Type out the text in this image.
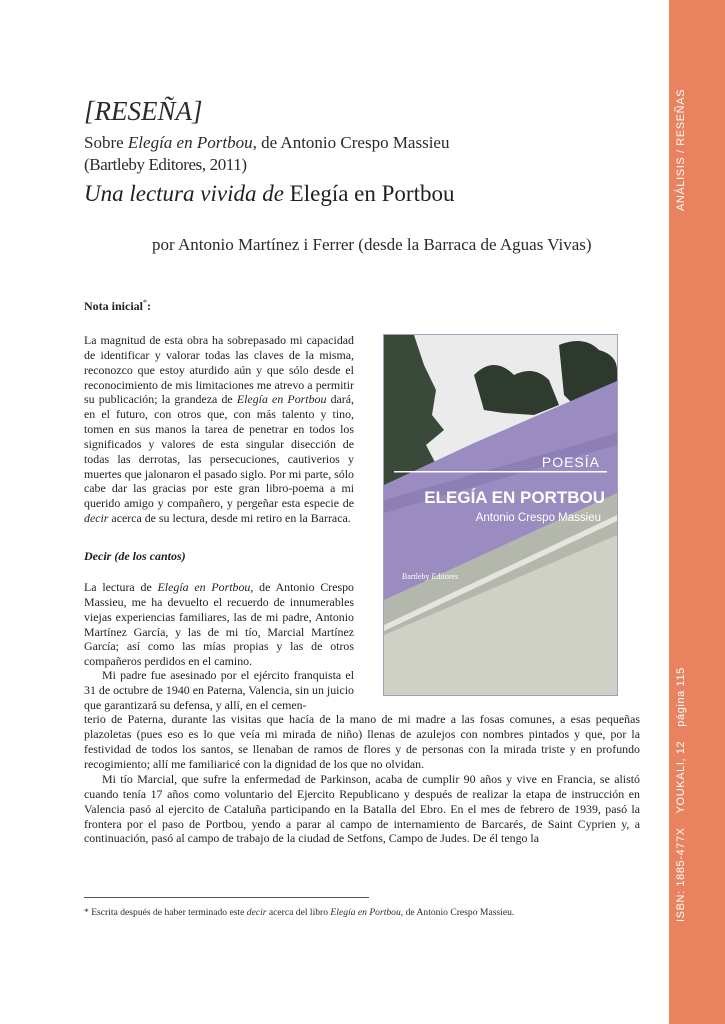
ANÁLISIS / RESEÑAS
ISBN: 1885-477XYOUKALI, 12página 115
[RESEÑA]
Sobre Elegía en Portbou, de Antonio Crespo Massieu
(Bartleby Editores, 2011)
Una lectura vivida de Elegía en Portbou
por Antonio Martínez i Ferrer (desde la Barraca de Aguas Vivas)
Nota inicial*:

La magnitud de esta obra ha sobrepasado mi capacidad de identificar y valorar todas las claves de la misma, reconozco que estoy aturdido aún y que sólo desde el reconocimiento de mis limitaciones me atrevo a permitir su publicación; la grandeza de Elegía en Portbou dará, en el futuro, con otros que, con más talento y tino, tomen en sus manos la tarea de penetrar en todos los significados y valores de esta singular disección de todas las derrotas, las persecuciones, cautiverios y muertes que jalonaron el pasado siglo. Por mi parte, sólo cabe dar las gracias por este gran libro-poema a mi querido amigo y compañero, y pergeñar esta especie de decir acerca de su lectura, desde mi retiro en la Barraca.

Decir (de los cantos)

La lectura de Elegía en Portbou, de Antonio Crespo Massieu, me ha devuelto el recuerdo de innumerables viejas experiencias familiares, las de mi padre, Antonio Martínez García, y las de mi tío, Marcial Martínez García; así como las mías propias y las de otros compañeros perdidos en el camino.

Mi padre fue asesinado por el ejército franquista el 31 de octubre de 1940 en Paterna, Valencia, sin un juicio que garantizará su defensa, y allí, en el cemen-

terio de Paterna, durante las visitas que hacía de la mano de mi madre a las fosas comunes, a esas pequeñas plazoletas (pues eso es lo que veía mi mirada de niño) llenas de azulejos con nombres pintados y que, por la festividad de todos los santos, se llenaban de ramos de flores y de personas con la mirada triste y en profundo recogimiento; allí me familiaricé con la dignidad de los que no olvidan.

Mi tío Marcial, que sufre la enfermedad de Parkinson, acaba de cumplir 90 años y vive en Francia, se alistó cuando tenía 17 años como voluntario del Ejercito Republicano y después de realizar la etapa de instrucción en Valencia pasó al ejercito de Cataluña participando en la Batalla del Ebro. En el mes de febrero de 1939, pasó la frontera por el paso de Portbou, yendo a parar al campo de internamiento de Barcarés, de Saint Cyprien y, a continuación, pasó al campo de trabajo de la ciudad de Setfons, Campo de Judes. De él tengo la

POESÍA
ELEGÍA EN PORTBOU
Antonio Crespo Massieu
Bartleby Editores
* Escrita después de haber terminado este decir acerca del libro Elegía en Portbou, de Antonio Crespo Massieu.
